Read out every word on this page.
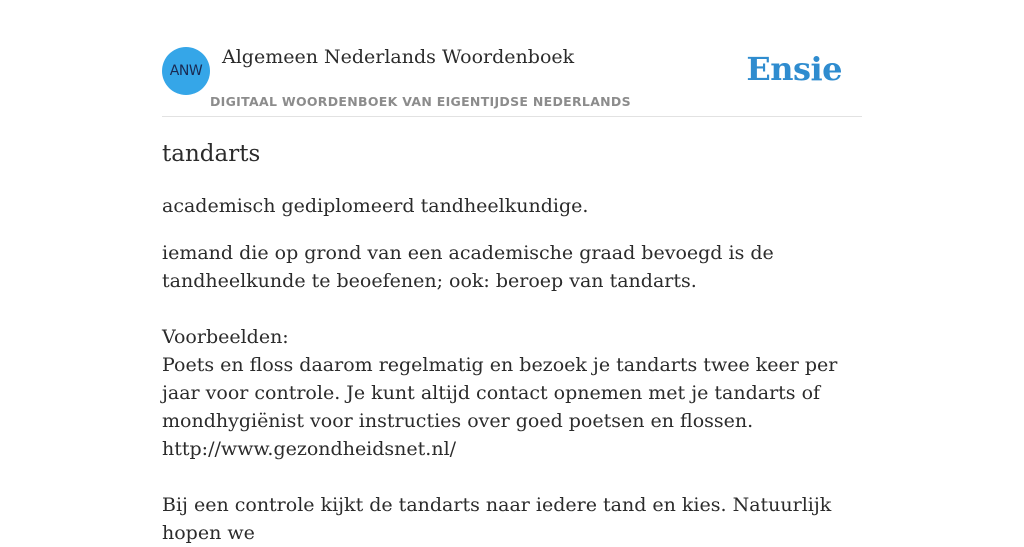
ANW
Algemeen Nederlands Woordenboek
DIGITAAL WOORDENBOEK VAN EIGENTIJDSE NEDERLANDS
Ensie
tandarts
academisch gediplomeerd tandheelkundige.

iemand die op grond van een academische graad bevoegd is de tandheelkunde te beoefenen; ook: beroep van tandarts.

Voorbeelden:

Poets en floss daarom regelmatig en bezoek je tandarts twee keer per jaar voor controle. Je kunt altijd contact opnemen met je tandarts of mondhygiënist voor instructies over goed poetsen en flossen.

http://www.gezondheidsnet.nl/

Bij een controle kijkt de tandarts naar iedere tand en kies. Natuurlijk hopen we
